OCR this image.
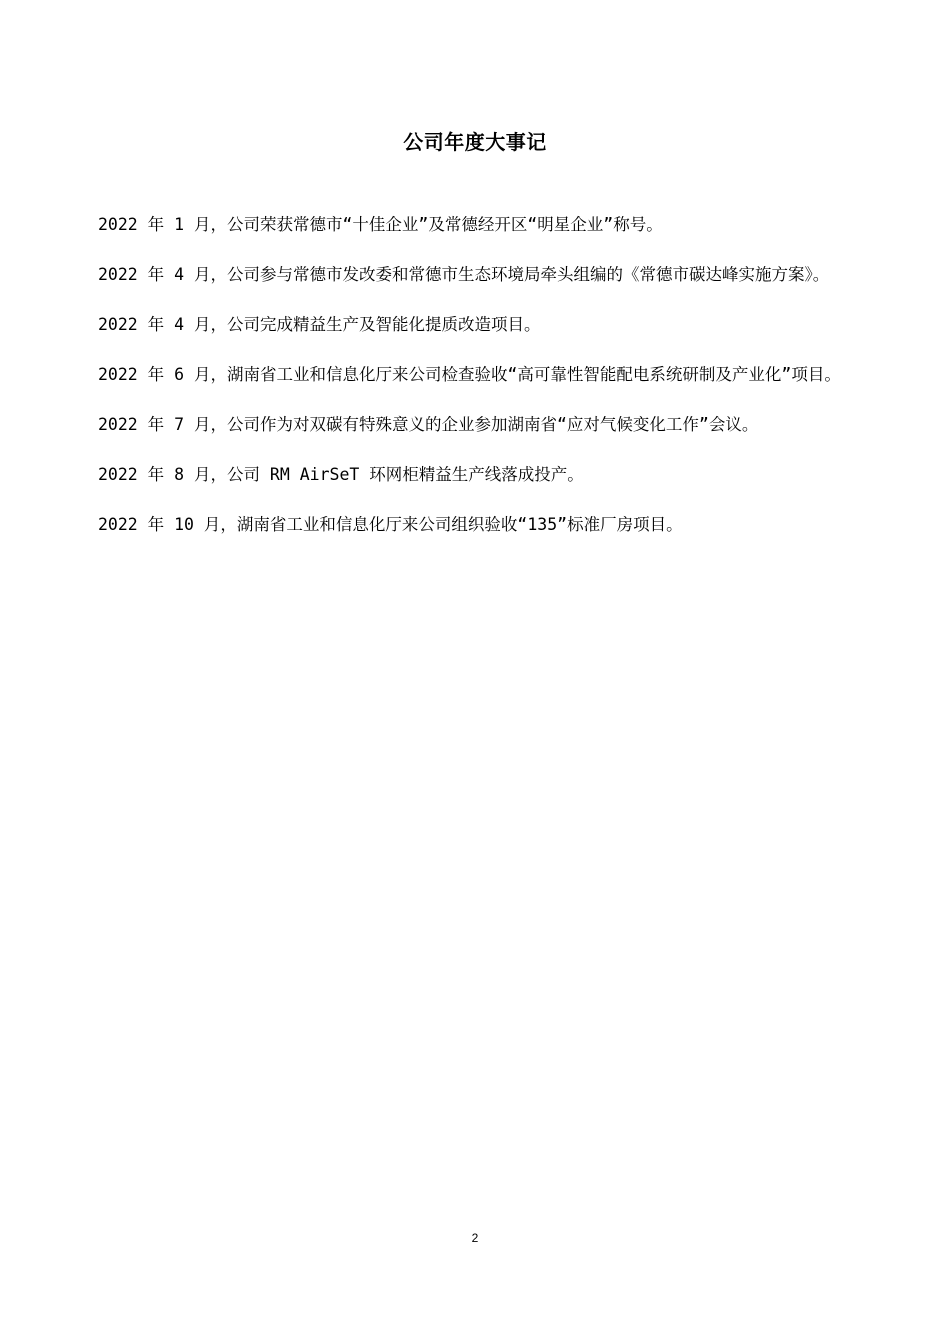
公司年度大事记

2022 年 1 月，公司荣获常德市“十佳企业”及常德经开区“明星企业”称号。

2022 年 4 月，公司参与常德市发改委和常德市生态环境局牵头组编的《常德市碳达峰实施方案》。

2022 年 4 月，公司完成精益生产及智能化提质改造项目。

2022 年 6 月，湖南省工业和信息化厅来公司检查验收“高可靠性智能配电系统研制及产业化”项目。

2022 年 7 月，公司作为对双碳有特殊意义的企业参加湖南省“应对气候变化工作”会议。

2022 年 8 月，公司 RM AirSeT 环网柜精益生产线落成投产。

2022 年 10 月，湖南省工业和信息化厅来公司组织验收“135”标准厂房项目。

2
